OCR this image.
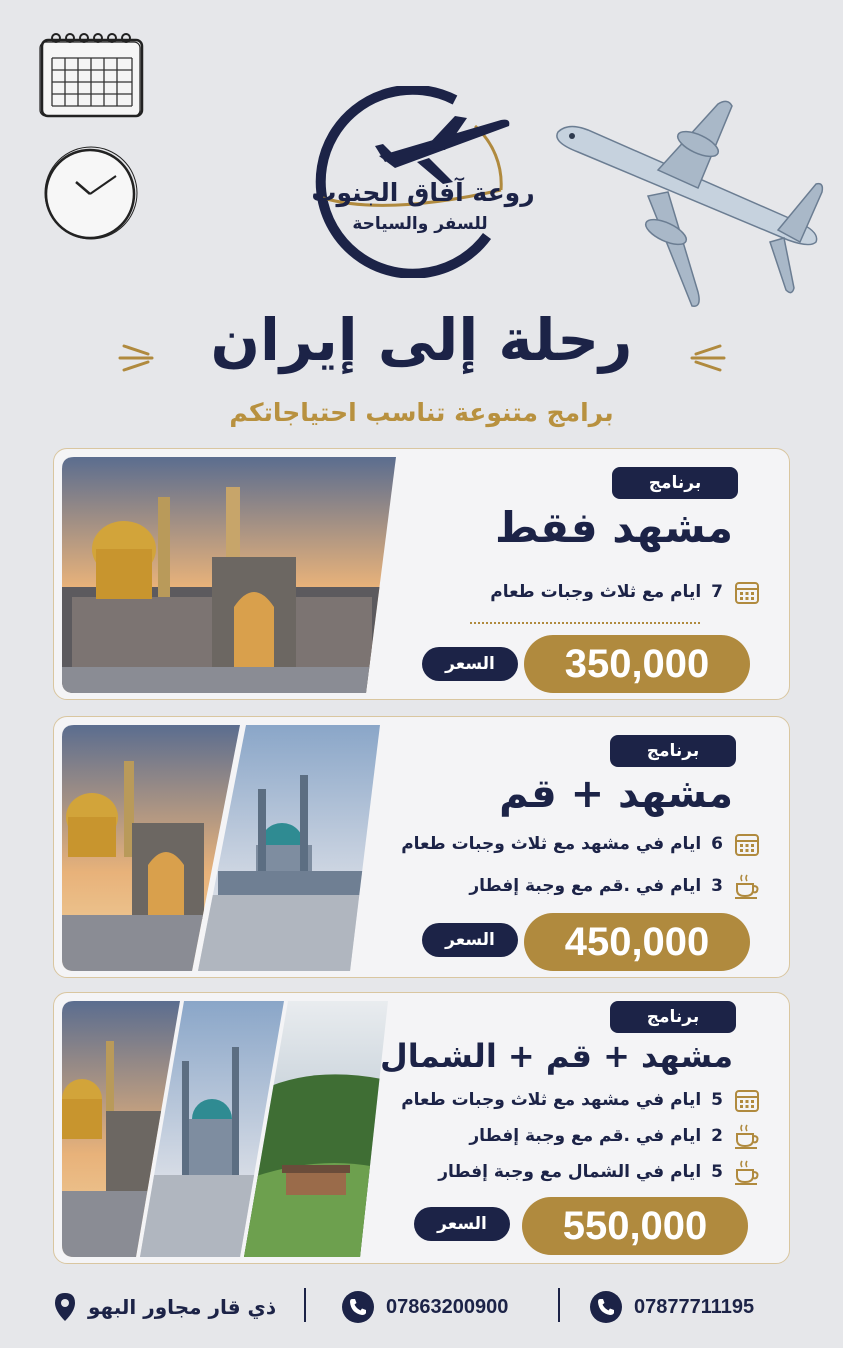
روعة آفاق الجنوب
للسفر والسياحة
رحلة إلى إيران
برامج متنوعة تناسب احتياجاتكم
برنامج
مشهد فقط
7
ايام مع ثلاث وجبات طعام
350,000
السعر
برنامج
مشهد + قم
6
ايام في مشهد مع ثلاث وجبات طعام
3
ايام في .قم مع وجبة إفطار
450,000
السعر
برنامج
مشهد + قم + الشمال
5
ايام في مشهد مع ثلاث وجبات طعام
2
ايام في .قم مع وجبة إفطار
5
ايام في الشمال مع وجبة إفطار
550,000
السعر
ذي قار مجاور البهو	07863200900	07877711195
